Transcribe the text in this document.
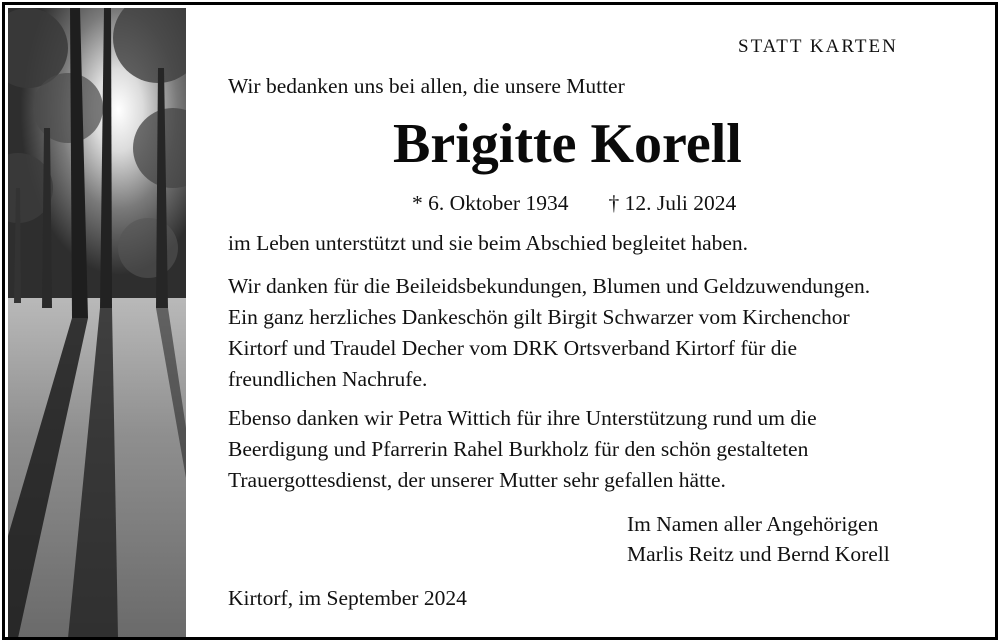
STATT KARTEN
Wir bedanken uns bei allen, die unsere Mutter
Brigitte Korell
* 6. Oktober 1934 † 12. Juli 2024
im Leben unterstützt und sie beim Abschied begleitet haben.
Wir danken für die Beileidsbekundungen, Blumen und Geldzuwendungen.
Ein ganz herzliches Dankeschön gilt Birgit Schwarzer vom Kirchenchor
Kirtorf und Traudel Decher vom DRK Ortsverband Kirtorf für die
freundlichen Nachrufe.
Ebenso danken wir Petra Wittich für ihre Unterstützung rund um die
Beerdigung und Pfarrerin Rahel Burkholz für den schön gestalteten
Trauergottesdienst, der unserer Mutter sehr gefallen hätte.
Im Namen aller Angehörigen
Marlis Reitz und Bernd Korell
Kirtorf, im September 2024
